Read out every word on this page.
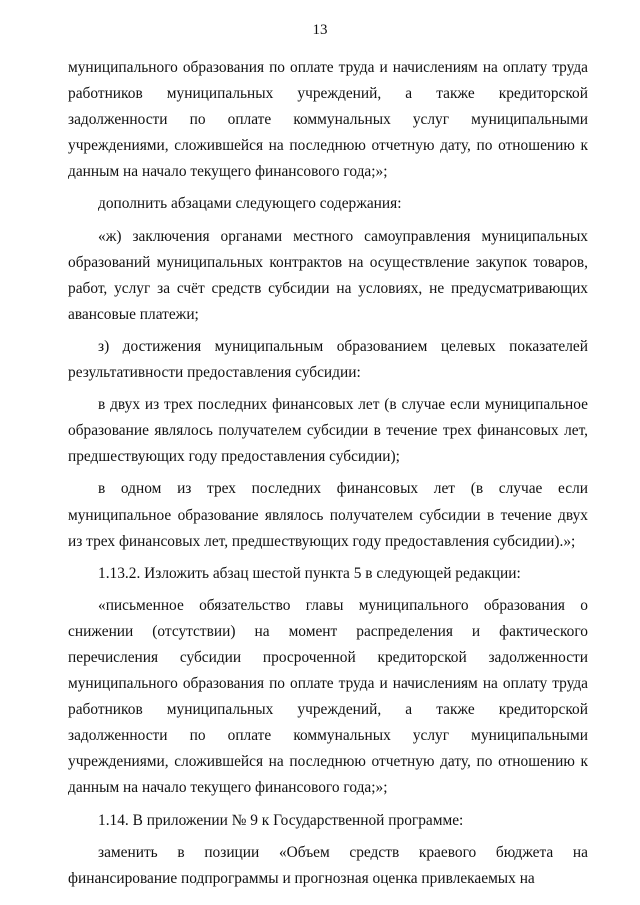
13

муниципального образования по оплате труда и начислениям на оплату труда работников муниципальных учреждений, а также кредиторской задолженности по оплате коммунальных услуг муниципальными учреждениями, сложившейся на последнюю отчетную дату, по отношению к данным на начало текущего финансового года;»;

дополнить абзацами следующего содержания:

«ж) заключения органами местного самоуправления муниципальных образований муниципальных контрактов на осуществление закупок товаров, работ, услуг за счёт средств субсидии на условиях, не предусматривающих авансовые платежи;

з) достижения муниципальным образованием целевых показателей результативности предоставления субсидии:

в двух из трех последних финансовых лет (в случае если муниципальное образование являлось получателем субсидии в течение трех финансовых лет, предшествующих году предоставления субсидии);

в одном из трех последних финансовых лет (в случае если муниципальное образование являлось получателем субсидии в течение двух из трех финансовых лет, предшествующих году предоставления субсидии).»;

1.13.2. Изложить абзац шестой пункта 5 в следующей редакции:

«письменное обязательство главы муниципального образования о снижении (отсутствии) на момент распределения и фактического перечисления субсидии просроченной кредиторской задолженности муниципального образования по оплате труда и начислениям на оплату труда работников муниципальных учреждений, а также кредиторской задолженности по оплате коммунальных услуг муниципальными учреждениями, сложившейся на последнюю отчетную дату, по отношению к данным на начало текущего финансового года;»;

1.14. В приложении № 9 к Государственной программе:

заменить в позиции «Объем средств краевого бюджета на финансирование подпрограммы и прогнозная оценка привлекаемых на
